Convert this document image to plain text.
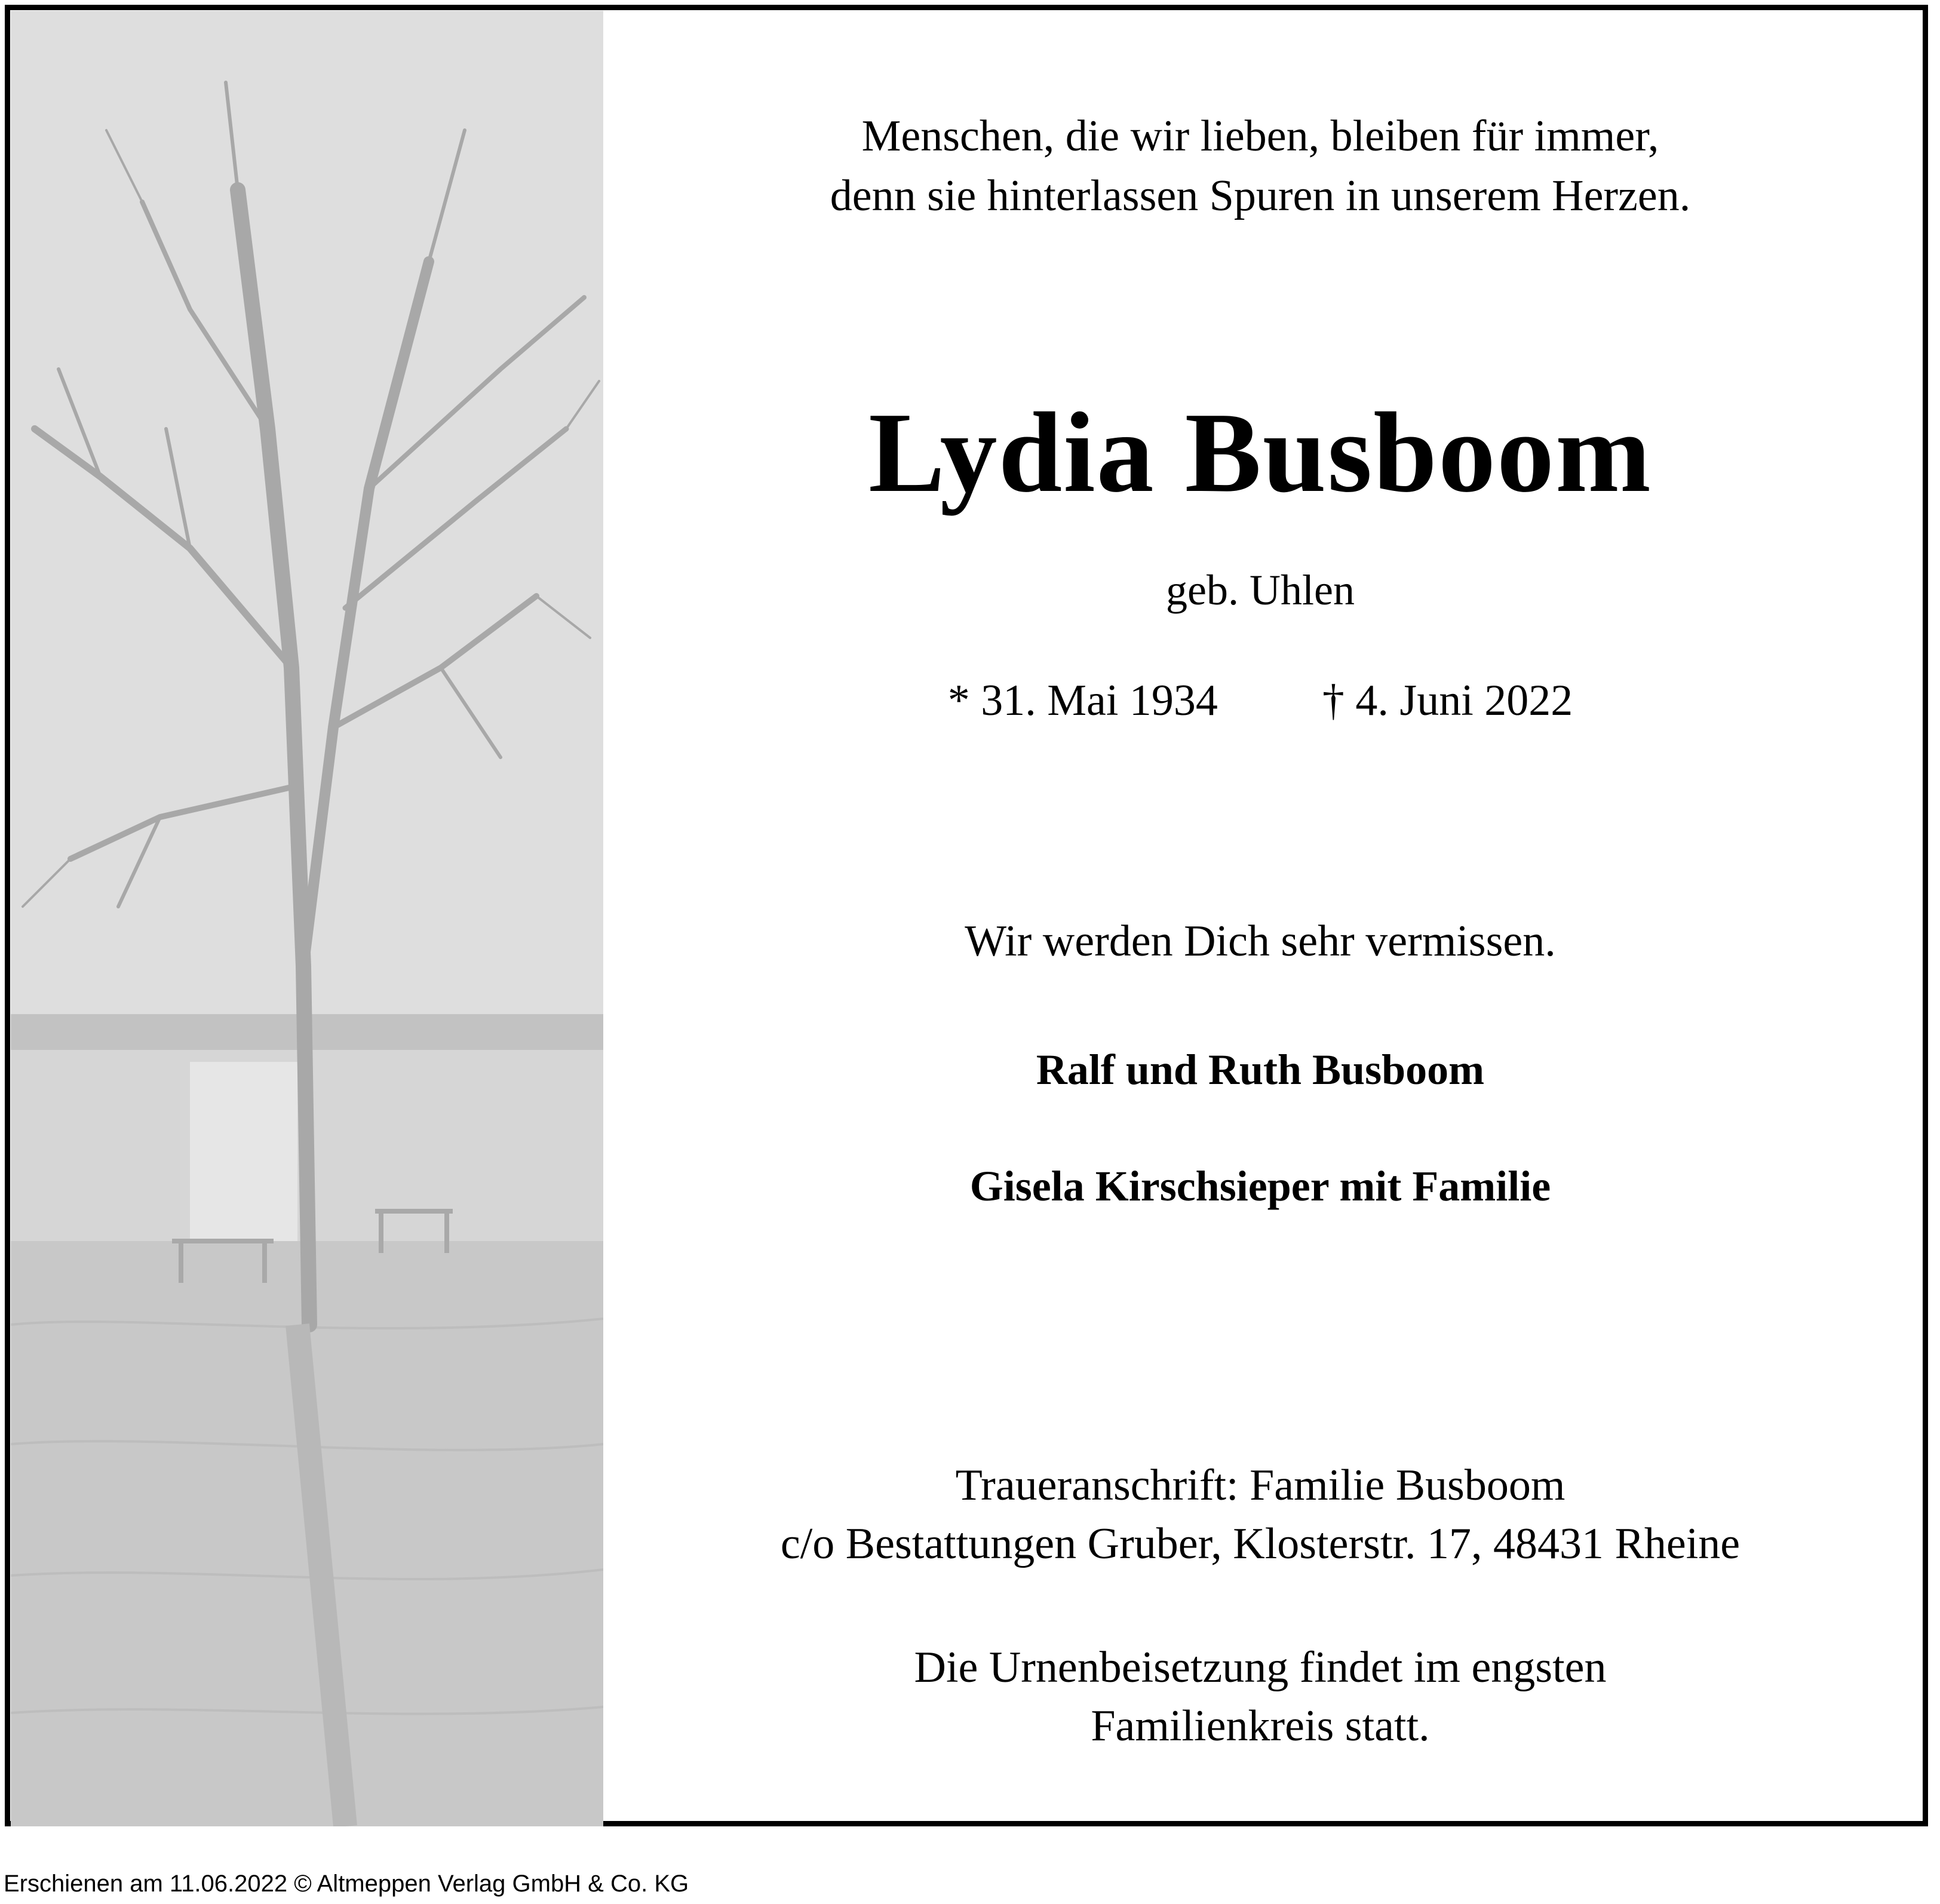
Menschen, die wir lieben, bleiben für immer,
denn sie hinterlassen Spuren in unserem Herzen.
Lydia Busboom
geb. Uhlen
* 31. Mai 1934 † 4. Juni 2022
Wir werden Dich sehr vermissen.
Ralf und Ruth Busboom
Gisela Kirschsieper mit Familie
Traueranschrift: Familie Busboom
c/o Bestattungen Gruber, Klosterstr. 17, 48431 Rheine
Die Urnenbeisetzung findet im engsten
Familienkreis statt.
Erschienen am 11.06.2022 © Altmeppen Verlag GmbH & Co. KG
